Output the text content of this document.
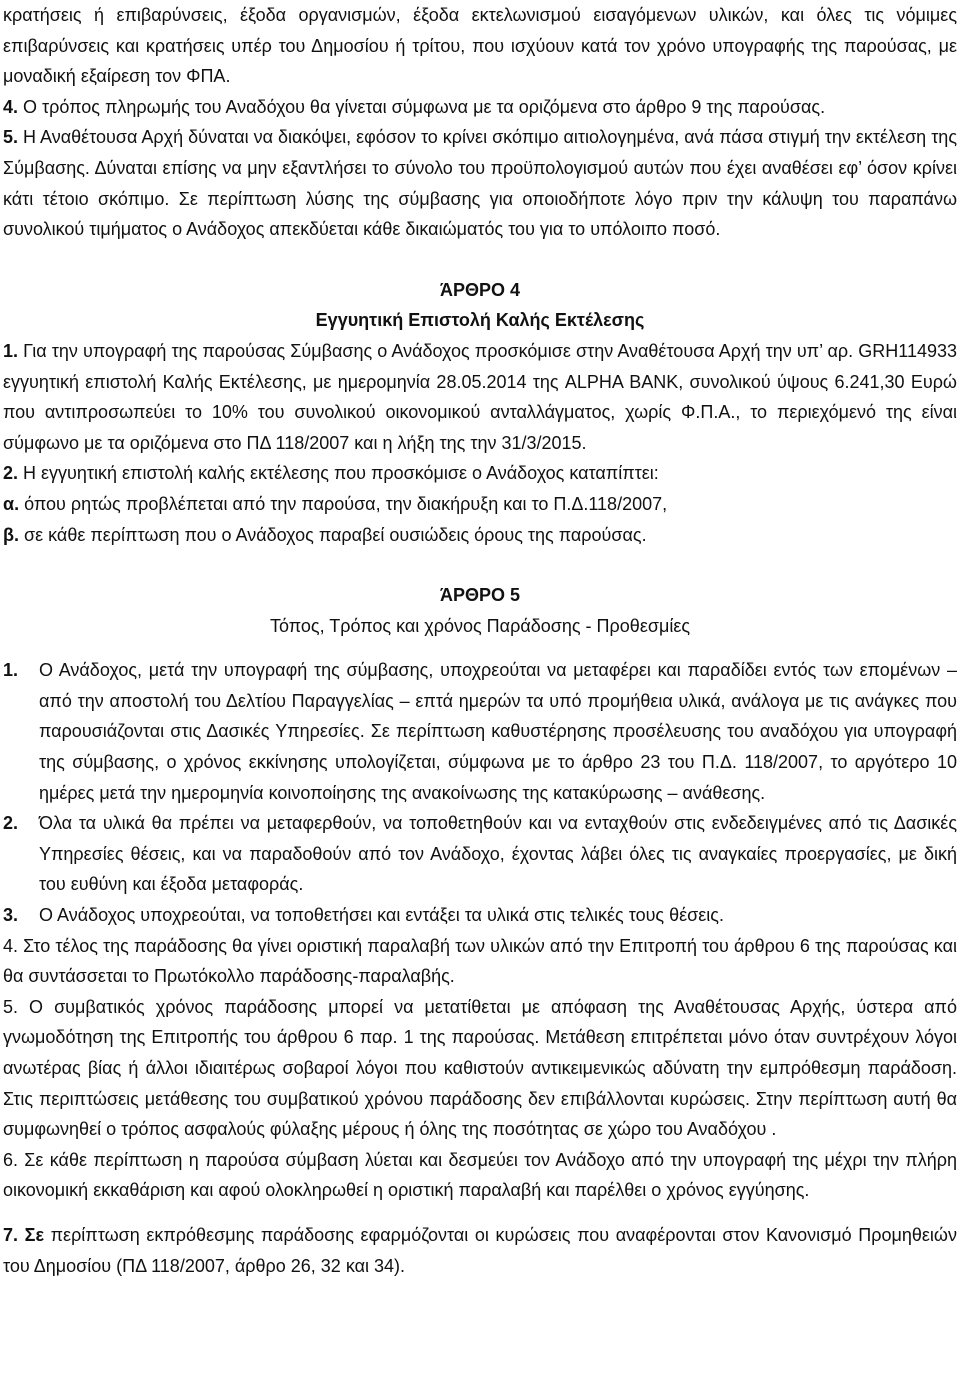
κρατήσεις ή επιβαρύνσεις, έξοδα οργανισμών, έξοδα εκτελωνισμού εισαγόμενων υλικών, και όλες τις νόμιμες επιβαρύνσεις και κρατήσεις υπέρ του Δημοσίου ή τρίτου, που ισχύουν κατά τον χρόνο υπογραφής της παρούσας, με μοναδική εξαίρεση τον ΦΠΑ.

4. Ο τρόπος πληρωμής του Αναδόχου θα γίνεται σύμφωνα με τα οριζόμενα στο άρθρο 9 της παρούσας.

5. Η Αναθέτουσα Αρχή δύναται να διακόψει, εφόσον το κρίνει σκόπιμο αιτιολογημένα, ανά πάσα στιγμή την εκτέλεση της Σύμβασης. Δύναται επίσης να μην εξαντλήσει το σύνολο του προϋπολογισμού αυτών που έχει αναθέσει εφ’ όσον κρίνει κάτι τέτοιο σκόπιμο. Σε περίπτωση λύσης της σύμβασης για οποιοδήποτε λόγο πριν την κάλυψη του παραπάνω συνολικού τιμήματος ο Ανάδοχος απεκδύεται κάθε δικαιώματός του για το υπόλοιπο ποσό.

ΆΡΘΡΟ 4

Εγγυητική Επιστολή Καλής Εκτέλεσης

1. Για την υπογραφή της παρούσας Σύμβασης ο Ανάδοχος προσκόμισε στην Αναθέτουσα Αρχή την υπ’ αρ. GRH114933 εγγυητική επιστολή Καλής Εκτέλεσης, με ημερομηνία 28.05.2014 της ALPHA BANK, συνολικού ύψους 6.241,30 Ευρώ που αντιπροσωπεύει το 10% του συνολικού οικονομικού ανταλλάγματος, χωρίς Φ.Π.Α., το περιεχόμενό της είναι σύμφωνο με τα οριζόμενα στο ΠΔ 118/2007 και η λήξη της την 31/3/2015.

2. Η εγγυητική επιστολή καλής εκτέλεσης που προσκόμισε ο Ανάδοχος καταπίπτει:

α. όπου ρητώς προβλέπεται από την παρούσα, την διακήρυξη και το Π.Δ.118/2007,

β. σε κάθε περίπτωση που ο Ανάδοχος παραβεί ουσιώδεις όρους της παρούσας.

ΆΡΘΡΟ 5

Τόπος, Τρόπος και χρόνος Παράδοσης - Προθεσμίες

1.	Ο Ανάδοχος, μετά την υπογραφή της σύμβασης, υποχρεούται να μεταφέρει και παραδίδει εντός των επομένων – από την αποστολή του Δελτίου Παραγγελίας – επτά ημερών τα υπό προμήθεια υλικά, ανάλογα με τις ανάγκες που παρουσιάζονται στις Δασικές Υπηρεσίες. Σε περίπτωση καθυστέρησης προσέλευσης του αναδόχου για υπογραφή της σύμβασης, ο χρόνος εκκίνησης υπολογίζεται, σύμφωνα με το άρθρο 23 του Π.Δ. 118/2007, το αργότερο 10 ημέρες μετά την ημερομηνία κοινοποίησης της ανακοίνωσης της κατακύρωσης – ανάθεσης.
2.	Όλα τα υλικά θα πρέπει να μεταφερθούν, να τοποθετηθούν και να ενταχθούν στις ενδεδειγμένες από τις Δασικές Υπηρεσίες θέσεις, και να παραδοθούν από τον Ανάδοχο, έχοντας λάβει όλες τις αναγκαίες προεργασίες, με δική του ευθύνη και έξοδα μεταφοράς.
3.	Ο Ανάδοχος υποχρεούται, να τοποθετήσει και εντάξει τα υλικά στις τελικές τους θέσεις.

4. Στο τέλος της παράδοσης θα γίνει οριστική παραλαβή των υλικών από την Επιτροπή του άρθρου 6 της παρούσας και θα συντάσσεται το Πρωτόκολλο παράδοσης-παραλαβής.

5. Ο συμβατικός χρόνος παράδοσης μπορεί να μετατίθεται με απόφαση της Αναθέτουσας Αρχής, ύστερα από γνωμοδότηση της Επιτροπής του άρθρου 6 παρ. 1 της παρούσας. Μετάθεση επιτρέπεται μόνο όταν συντρέχουν λόγοι ανωτέρας βίας ή άλλοι ιδιαιτέρως σοβαροί λόγοι που καθιστούν αντικειμενικώς αδύνατη την εμπρόθεσμη παράδοση. Στις περιπτώσεις μετάθεσης του συμβατικού χρόνου παράδοσης δεν επιβάλλονται κυρώσεις. Στην περίπτωση αυτή θα συμφωνηθεί ο τρόπος ασφαλούς φύλαξης μέρους ή όλης της ποσότητας σε χώρο του Αναδόχου .

6. Σε κάθε περίπτωση η παρούσα σύμβαση λύεται και δεσμεύει τον Ανάδοχο από την υπογραφή της μέχρι την πλήρη οικονομική εκκαθάριση και αφού ολοκληρωθεί η οριστική παραλαβή και παρέλθει ο χρόνος εγγύησης.

7. Σε περίπτωση εκπρόθεσμης παράδοσης εφαρμόζονται οι κυρώσεις που αναφέρονται στον Κανονισμό Προμηθειών του Δημοσίου (ΠΔ 118/2007, άρθρο 26, 32 και 34).
